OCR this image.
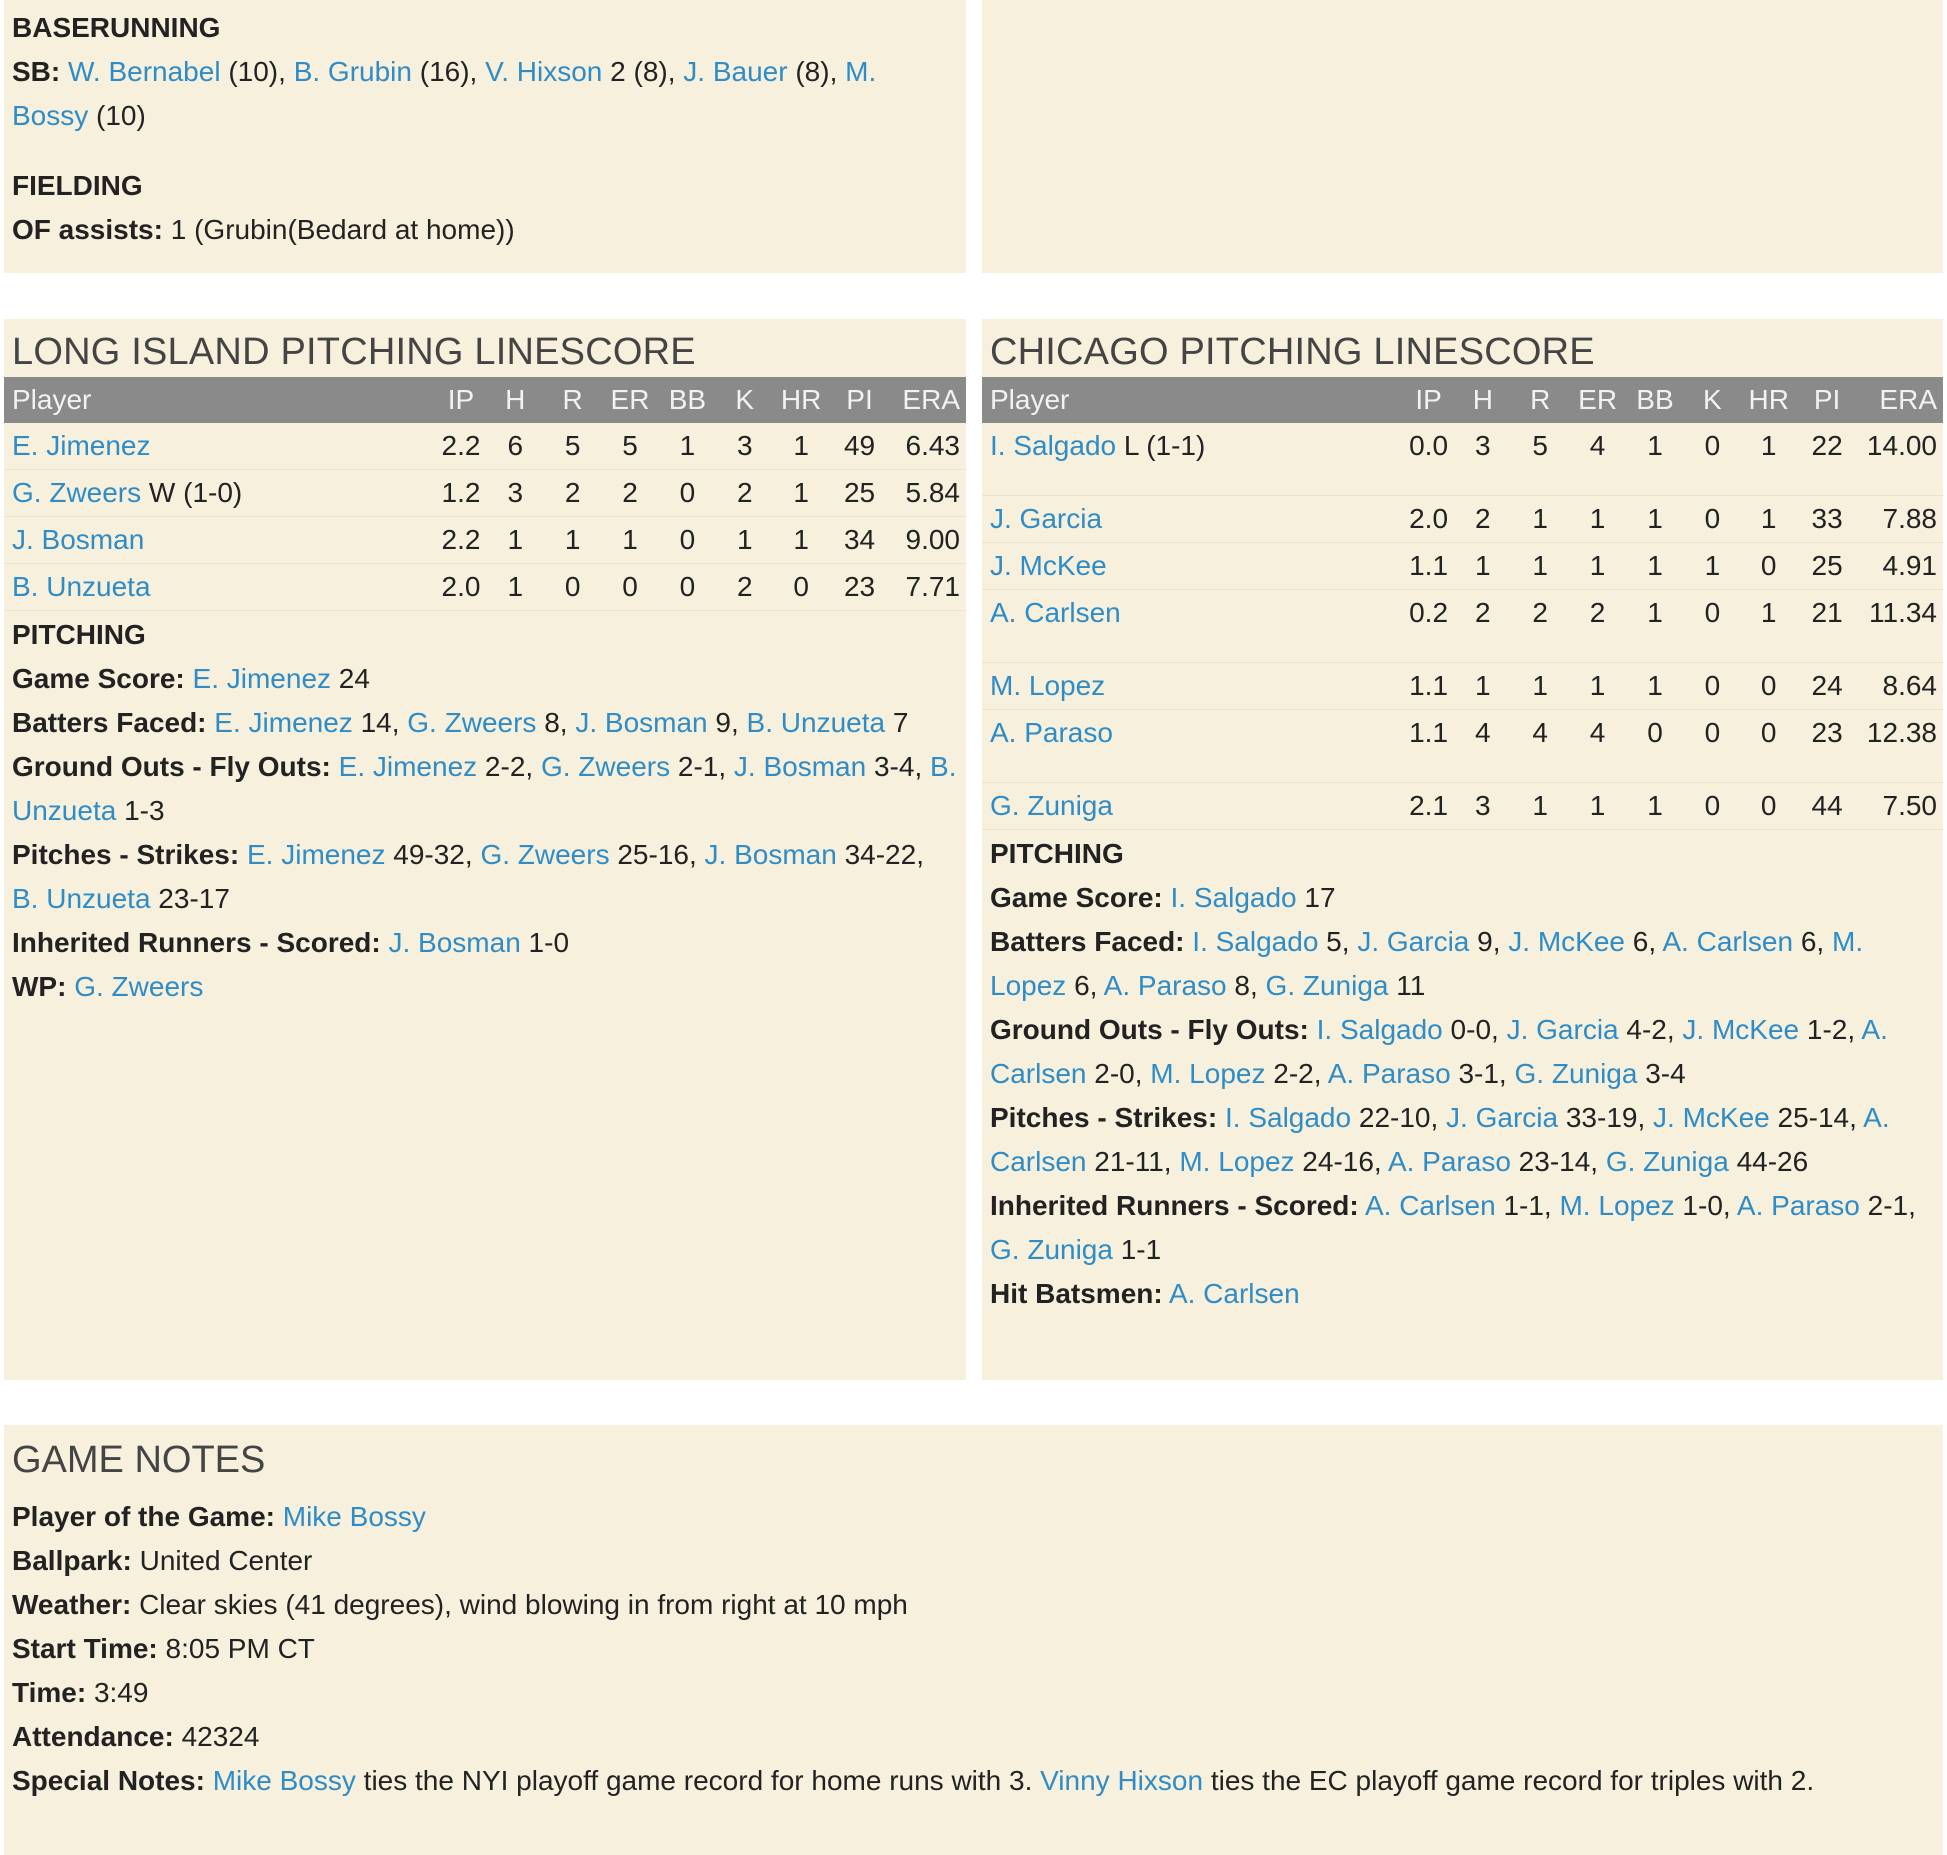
BASERUNNING
SB: W. Bernabel (10), B. Grubin (16), V. Hixson 2 (8), J. Bauer (8), M. Bossy (10)
FIELDING
OF assists: 1 (Grubin(Bedard at home))
LONG ISLAND PITCHING LINESCORE
Player	IP	H	R	ER	BB	K	HR	PI	ERA
E. Jimenez	2.2	6	5	5	1	3	1	49	6.43
G. Zweers W (1-0)	1.2	3	2	2	0	2	1	25	5.84
J. Bosman	2.2	1	1	1	0	1	1	34	9.00
B. Unzueta	2.0	1	0	0	0	2	0	23	7.71
PITCHING
Game Score: E. Jimenez 24
Batters Faced: E. Jimenez 14, G. Zweers 8, J. Bosman 9, B. Unzueta 7
Ground Outs - Fly Outs: E. Jimenez 2-2, G. Zweers 2-1, J. Bosman 3-4, B. Unzueta 1-3
Pitches - Strikes: E. Jimenez 49-32, G. Zweers 25-16, J. Bosman 34-22, B. Unzueta 23-17
Inherited Runners - Scored: J. Bosman 1-0
WP: G. Zweers
CHICAGO PITCHING LINESCORE
Player	IP	H	R	ER	BB	K	HR	PI	ERA
I. Salgado L (1-1)	0.0	3	5	4	1	0	1	22	14.00
J. Garcia	2.0	2	1	1	1	0	1	33	7.88
J. McKee	1.1	1	1	1	1	1	0	25	4.91
A. Carlsen	0.2	2	2	2	1	0	1	21	11.34
M. Lopez	1.1	1	1	1	1	0	0	24	8.64
A. Paraso	1.1	4	4	4	0	0	0	23	12.38
G. Zuniga	2.1	3	1	1	1	0	0	44	7.50
PITCHING
Game Score: I. Salgado 17
Batters Faced: I. Salgado 5, J. Garcia 9, J. McKee 6, A. Carlsen 6, M. Lopez 6, A. Paraso 8, G. Zuniga 11
Ground Outs - Fly Outs: I. Salgado 0-0, J. Garcia 4-2, J. McKee 1-2, A. Carlsen 2-0, M. Lopez 2-2, A. Paraso 3-1, G. Zuniga 3-4
Pitches - Strikes: I. Salgado 22-10, J. Garcia 33-19, J. McKee 25-14, A. Carlsen 21-11, M. Lopez 24-16, A. Paraso 23-14, G. Zuniga 44-26
Inherited Runners - Scored: A. Carlsen 1-1, M. Lopez 1-0, A. Paraso 2-1, G. Zuniga 1-1
Hit Batsmen: A. Carlsen
GAME NOTES
Player of the Game: Mike Bossy
Ballpark: United Center
Weather: Clear skies (41 degrees), wind blowing in from right at 10 mph
Start Time: 8:05 PM CT
Time: 3:49
Attendance: 42324
Special Notes: Mike Bossy ties the NYI playoff game record for home runs with 3. Vinny Hixson ties the EC playoff game record for triples with 2.
